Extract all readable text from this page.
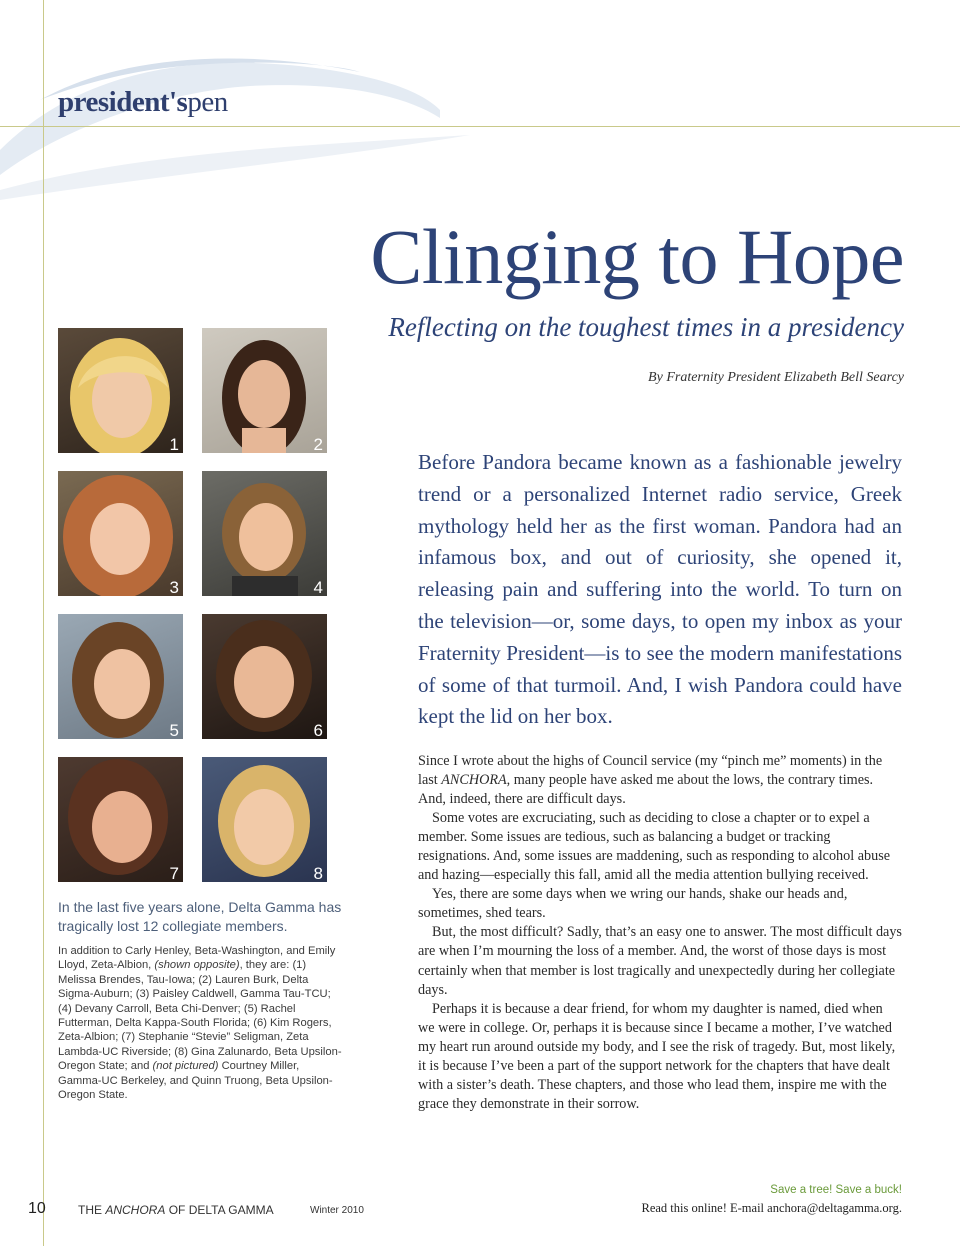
president'spen
Clinging to Hope
Reflecting on the toughest times in a presidency
By Fraternity President Elizabeth Bell Searcy
1	2
3	4
5	6
7	8
In the last five years alone, Delta Gamma has tragically lost 12 collegiate members.
In addition to Carly Henley, Beta-Washington, and Emily Lloyd, Zeta-Albion, (shown opposite), they are: (1) Melissa Brendes, Tau-Iowa; (2) Lauren Burk, Delta Sigma-Auburn; (3) Paisley Caldwell, Gamma Tau-TCU; (4) Devany Carroll, Beta Chi-Denver; (5) Rachel Futterman, Delta Kappa-South Florida; (6) Kim Rogers, Zeta-Albion; (7) Stephanie “Stevie” Seligman, Zeta Lambda-UC Riverside; (8) Gina Zalunardo, Beta Upsilon-Oregon State; and (not pictured) Courtney Miller, Gamma-UC Berkeley, and Quinn Truong, Beta Upsilon-Oregon State.
Before Pandora became known as a fashionable jewelry trend or a personalized Internet radio service, Greek mythology held her as the first woman. Pandora had an infamous box, and out of curiosity, she opened it, releasing pain and suffering into the world. To turn on the television—or, some days, to open my inbox as your Fraternity President—is to see the modern manifestations of some of that turmoil. And, I wish Pandora could have kept the lid on her box.

Since I wrote about the highs of Council service (my “pinch me” moments) in the last ANCHORA, many people have asked me about the lows, the contrary times. And, indeed, there are difficult days.

Some votes are excruciating, such as deciding to close a chapter or to expel a member. Some issues are tedious, such as balancing a budget or tracking resignations. And, some issues are maddening, such as responding to alcohol abuse and hazing—especially this fall, amid all the media attention bullying received.

Yes, there are some days when we wring our hands, shake our heads and, sometimes, shed tears.

But, the most difficult? Sadly, that’s an easy one to answer. The most difficult days are when I’m mourning the loss of a member. And, the worst of those days is most certainly when that member is lost tragically and unexpectedly during her collegiate days.

Perhaps it is because a dear friend, for whom my daughter is named, died when we were in college. Or, perhaps it is because since I became a mother, I’ve watched my heart run around outside my body, and I see the risk of tragedy. But, most likely, it is because I’ve been a part of the support network for the chapters that have dealt with a sister’s death. These chapters, and those who lead them, inspire me with the grace they demonstrate in their sorrow.

10	THE ANCHORA OF DELTA GAMMA	Winter 2010
Save a tree! Save a buck!
Read this online! E-mail anchora@deltagamma.org.
